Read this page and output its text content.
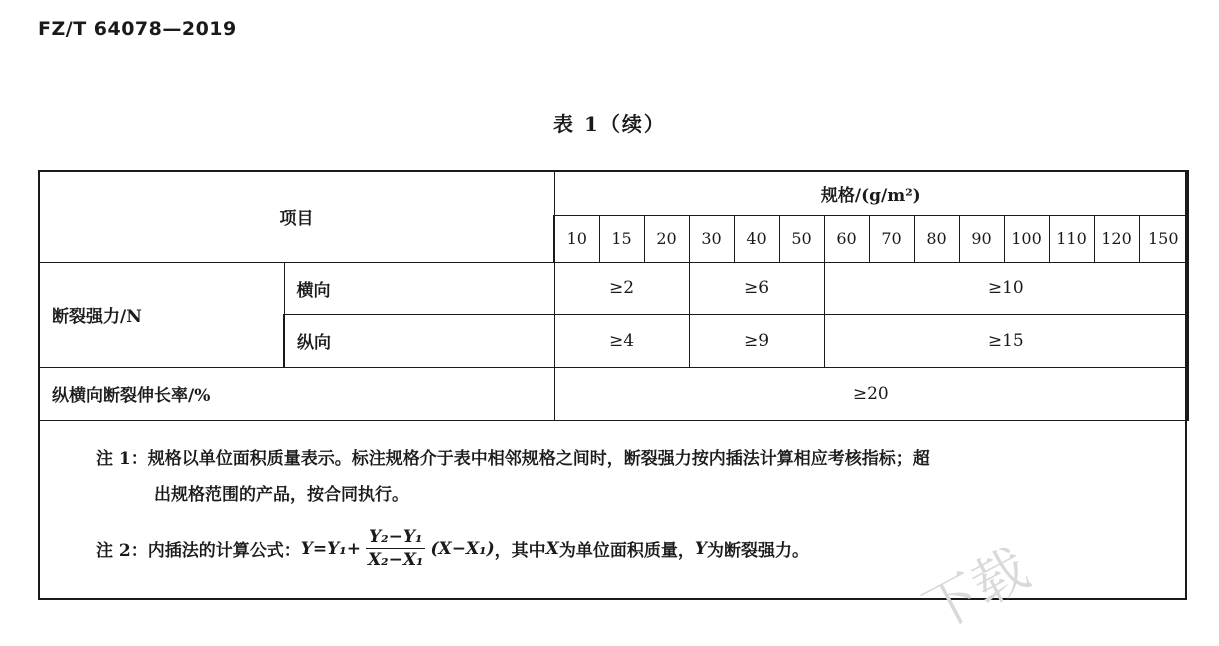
FZ/T 64078—2019
表 1（续）
项目		规格/(g/m²)													
		10	15	20	30	40	50	60	70	80	90	100	110	120	150
断裂强力/N	横向	≥2			≥6			≥10							
	纵向	≥4			≥9			≥15							
纵横向断裂伸长率/%		≥20													
注 1：规格以单位面积质量表示。标注规格介于表中相邻规格之间时，断裂强力按内插法计算相应考核指标；超
出规格范围的产品，按合同执行。
注 2： 内插法的计算公式： $Y=Y_1+ \frac{\text{Y₂−Y₁}}{\text{X₂−X₁}} (X-X_1)$ ，其中 X 为单位面积质量， Y 为断裂强力。 下载
